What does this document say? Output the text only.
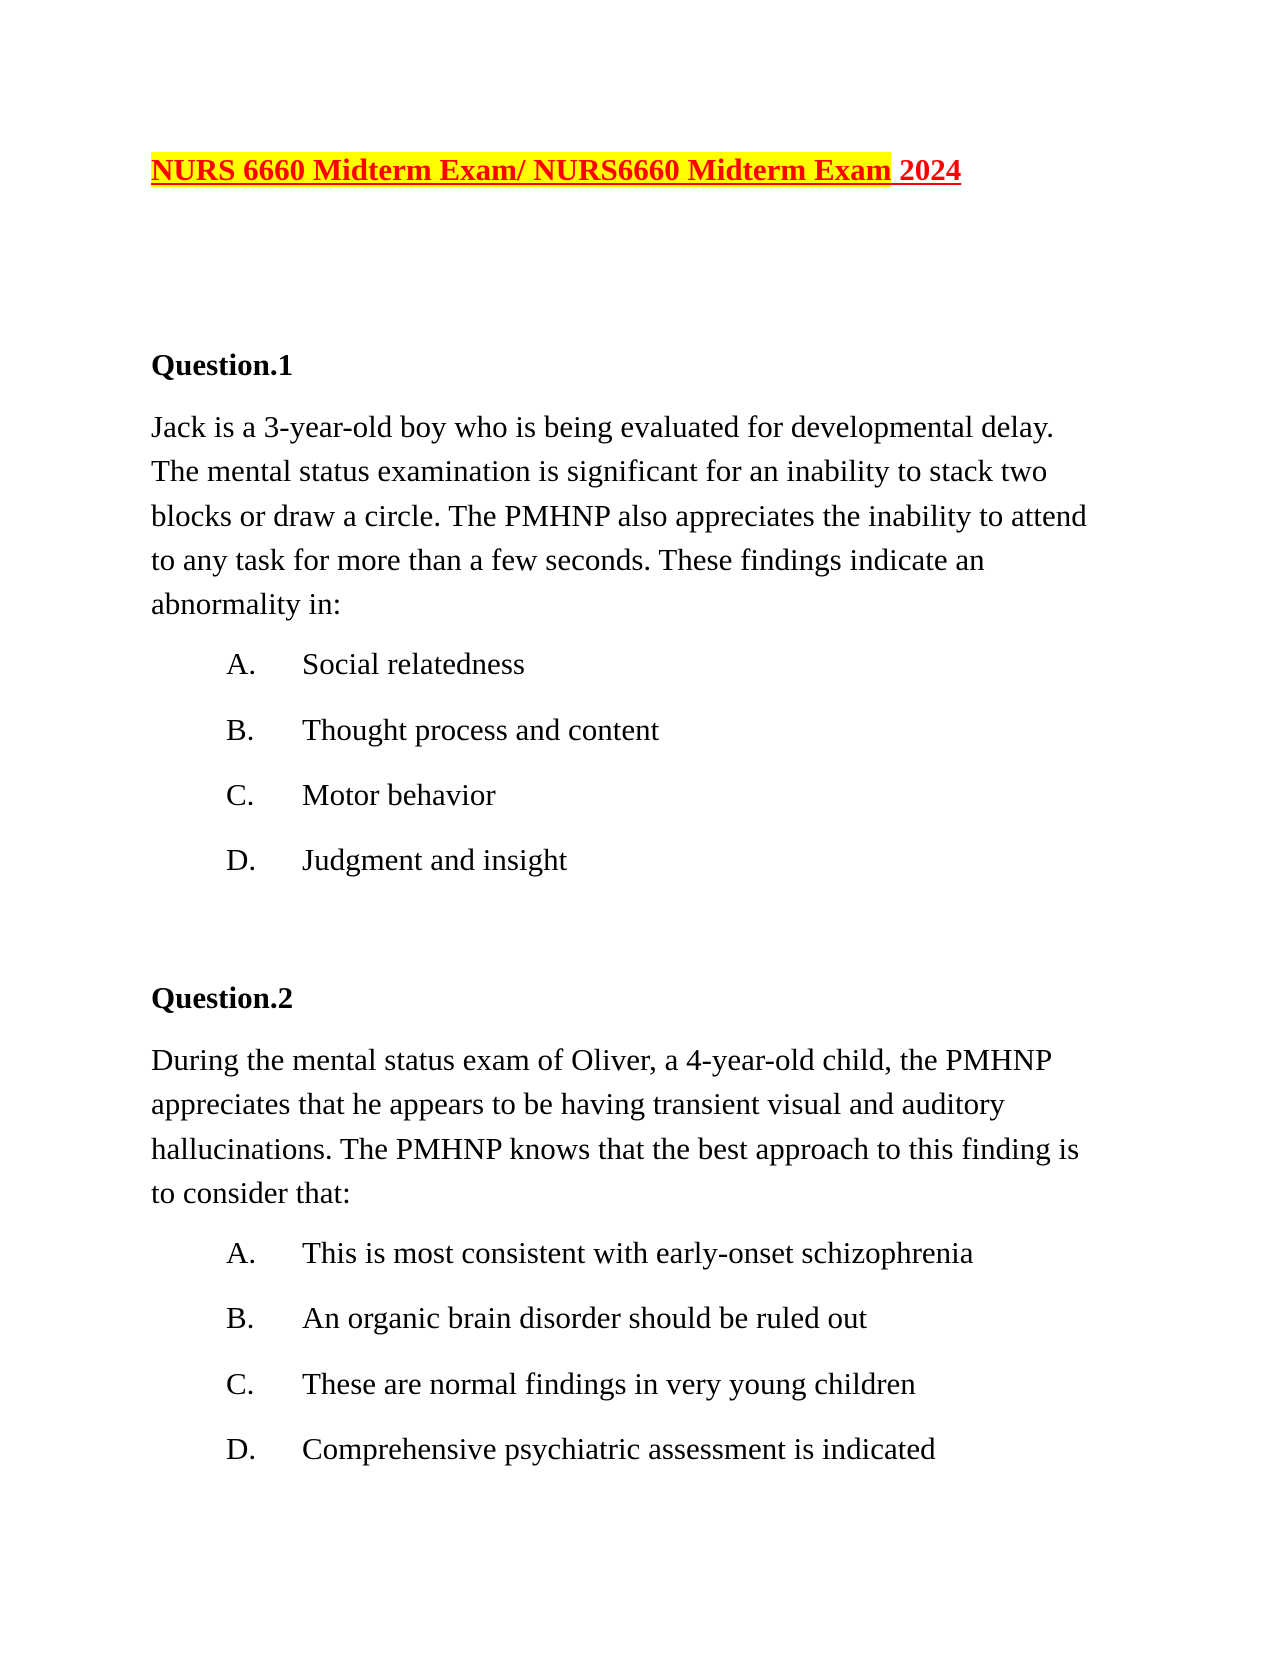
NURS 6660 Midterm Exam/ NURS6660 Midterm Exam 2024
Question.1

Jack is a 3-year-old boy who is being evaluated for developmental delay. The mental status examination is significant for an inability to stack two blocks or draw a circle. The PMHNP also appreciates the inability to attend to any task for more than a few seconds. These findings indicate an abnormality in:

A. Social relatedness
B. Thought process and content
C. Motor behavior
D. Judgment and insight
Question.2

During the mental status exam of Oliver, a 4-year-old child, the PMHNP appreciates that he appears to be having transient visual and auditory hallucinations. The PMHNP knows that the best approach to this finding is to consider that:

A. This is most consistent with early-onset schizophrenia
B. An organic brain disorder should be ruled out
C. These are normal findings in very young children
D. Comprehensive psychiatric assessment is indicated
